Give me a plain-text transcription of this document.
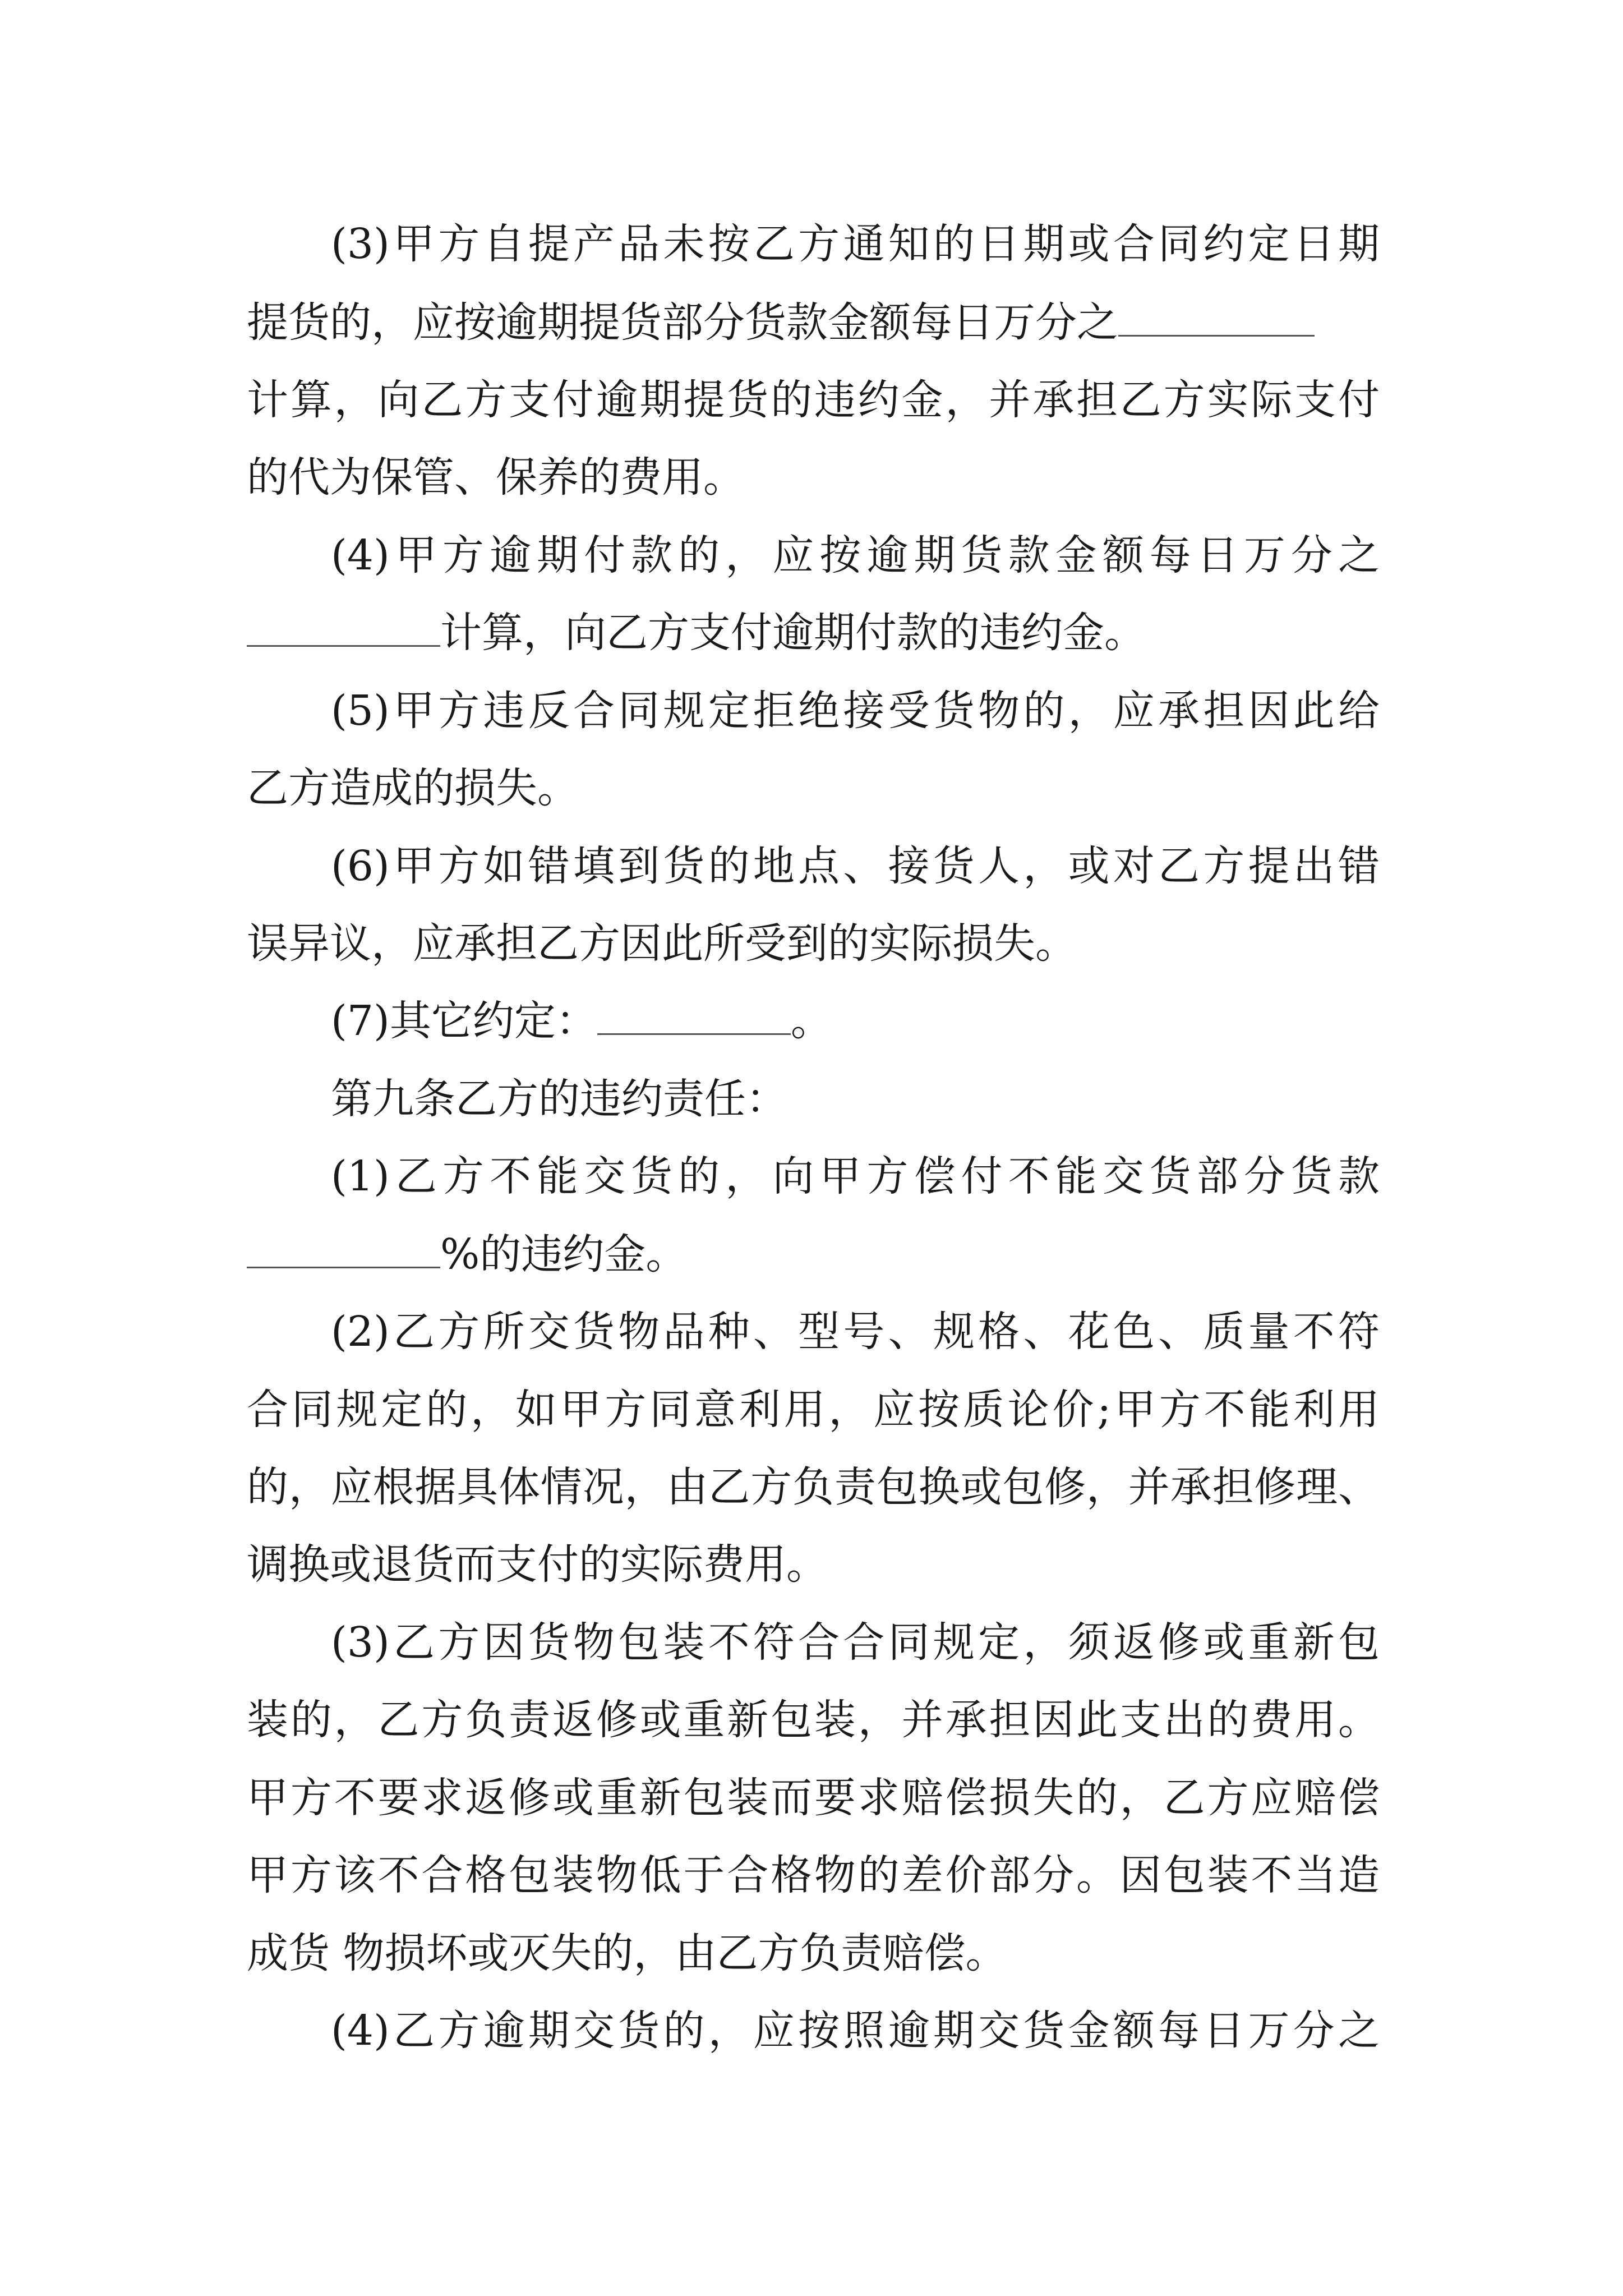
(3)甲方自提产品未按乙方通知的日期或合同约定日期
提货的，应按逾期提货部分货款金额每日万分之
计算，向乙方支付逾期提货的违约金，并承担乙方实际支付
的代为保管、保养的费用。
(4)甲方逾期付款的，应按逾期货款金额每日万分之
计算，向乙方支付逾期付款的违约金。
(5)甲方违反合同规定拒绝接受货物的，应承担因此给
乙方造成的损失。
(6)甲方如错填到货的地点、接货人，或对乙方提出错
误异议，应承担乙方因此所受到的实际损失。
(7)其它约定：	。
第九条乙方的违约责任：
(1)乙方不能交货的，向甲方偿付不能交货部分货款
%的违约金。
(2)乙方所交货物品种、型号、规格、花色、质量不符
合同规定的，如甲方同意利用，应按质论价;甲方不能利用
的，应根据具体情况，由乙方负责包换或包修，并承担修理、
调换或退货而支付的实际费用。
(3)乙方因货物包装不符合合同规定，须返修或重新包
装的，乙方负责返修或重新包装，并承担因此支出的费用。
甲方不要求返修或重新包装而要求赔偿损失的，乙方应赔偿
甲方该不合格包装物低于合格物的差价部分。因包装不当造
成货 物损坏或灭失的，由乙方负责赔偿。
(4)乙方逾期交货的，应按照逾期交货金额每日万分之
